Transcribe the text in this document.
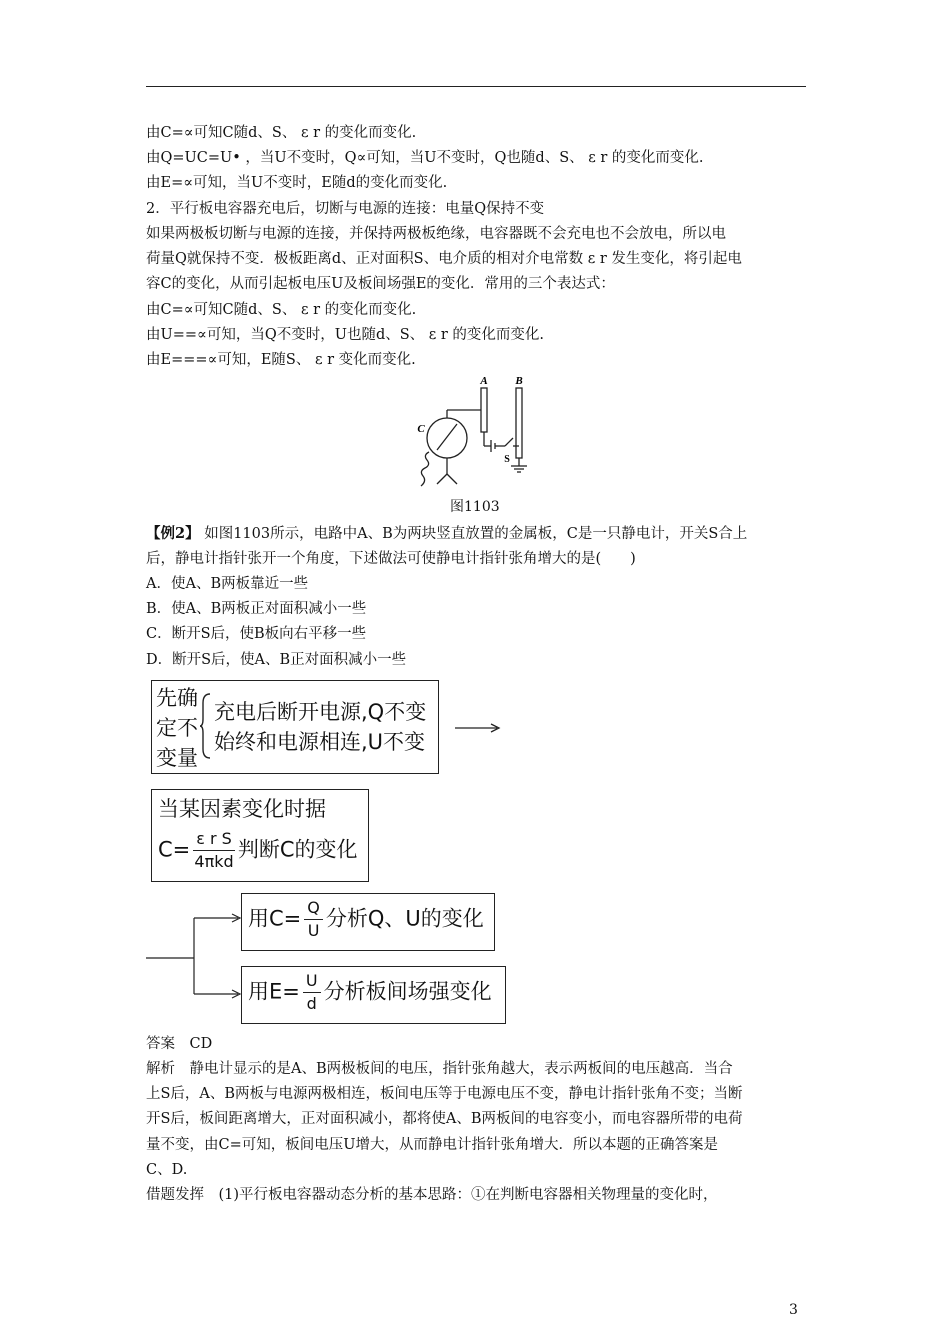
由C=∝可知C随d、S、 ε r 的变化而变化.
由Q=UC=U• ，当U不变时，Q∝可知，当U不变时，Q也随d、S、 ε r 的变化而变化.
由E=∝可知，当U不变时，E随d的变化而变化.
2．平行板电容器充电后，切断与电源的连接：电量Q保持不变
如果两极板切断与电源的连接，并保持两极板绝缘，电容器既不会充电也不会放电，所以电
荷量Q就保持不变．极板距离d、正对面积S、电介质的相对介电常数 ε r 发生变化，将引起电
容C的变化，从而引起板电压U及板间场强E的变化．常用的三个表达式：
由C=∝可知C随d、S、 ε r 的变化而变化.
由U==∝可知，当Q不变时，U也随d、S、 ε r 的变化而变化.
由E===∝可知，E随S、 ε r 变化而变化.
A	B
C
S
图1103
【例2】 如图1103所示，电路中A、B为两块竖直放置的金属板，C是一只静电计，开关S合上
后，静电计指针张开一个角度，下述做法可使静电计指针张角增大的是(　　)
A．使A、B两板靠近一些
B．使A、B两板正对面积减小一些
C．断开S后，使B板向右平移一些
D．断开S后，使A、B正对面积减小一些
先确
定不
变量
充电后断开电源,Q不变
始终和电源相连,U不变
当某因素变化时据
$C= \frac{\text{ε r S}}{\text{4πkd}}$ 判断C的变化
用$C= \frac{Q}{U}$ 分析Q、U的变化
用$E= \frac{U}{d}$ 分析板间场强变化
答案　CD
解析　静电计显示的是A、B两极板间的电压，指针张角越大，表示两板间的电压越高．当合
上S后，A、B两板与电源两极相连，板间电压等于电源电压不变，静电计指针张角不变；当断
开S后，板间距离增大，正对面积减小，都将使A、B两板间的电容变小，而电容器所带的电荷
量不变，由C=可知，板间电压U增大，从而静电计指针张角增大．所以本题的正确答案是
C、D.
借题发挥　(1)平行板电容器动态分析的基本思路：①在判断电容器相关物理量的变化时，
3
